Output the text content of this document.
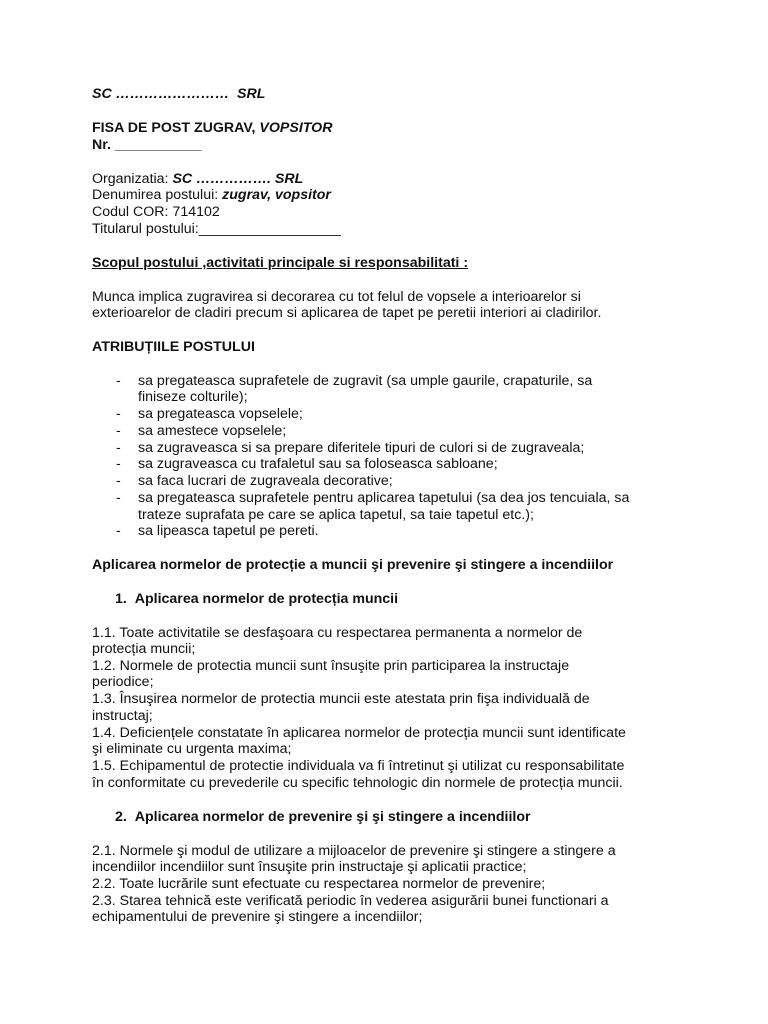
SC …………………… SRL
FISA DE POST ZUGRAV, VOPSITOR
Nr. ___________
Organizatia: SC ……………. SRL
Denumirea postului: zugrav, vopsitor
Codul COR: 714102
Titularul postului:__________________
Scopul postului ,activitati principale si responsabilitati :
Munca implica zugravirea si decorarea cu tot felul de vopsele a interioarelor si
exterioarelor de cladiri precum si aplicarea de tapet pe peretii interiori ai cladirilor.
ATRIBUȚIILE POSTULUI
- sa pregateasca suprafetele de zugravit (sa umple gaurile, crapaturile, sa
finiseze colturile);
- sa pregateasca vopselele;
- sa amestece vopselele;
- sa zugraveasca si sa prepare diferitele tipuri de culori si de zugraveala;
- sa zugraveasca cu trafaletul sau sa foloseasca sabloane;
- sa faca lucrari de zugraveala decorative;
- sa pregateasca suprafetele pentru aplicarea tapetului (sa dea jos tencuiala, sa
trateze suprafata pe care se aplica tapetul, sa taie tapetul etc.);
- sa lipeasca tapetul pe pereti.
Aplicarea normelor de protecție a muncii şi prevenire şi stingere a incendiilor
1. Aplicarea normelor de protecția muncii
1.1. Toate activitatile se desfaşoara cu respectarea permanenta a normelor de
protecția muncii;
1.2. Normele de protectia muncii sunt însuşite prin participarea la instructaje
periodice;
1.3. Însuşirea normelor de protectia muncii este atestata prin fişa individuală de
instructaj;
1.4. Deficiențele constatate în aplicarea normelor de protecția muncii sunt identificate
şi eliminate cu urgenta maxima;
1.5. Echipamentul de protectie individuala va fi întretinut şi utilizat cu responsabilitate
în conformitate cu prevederile cu specific tehnologic din normele de protecția muncii.
2. Aplicarea normelor de prevenire şi şi stingere a incendiilor
2.1. Normele şi modul de utilizare a mijloacelor de prevenire şi stingere a stingere a
incendiilor incendiilor sunt însuşite prin instructaje şi aplicatii practice;
2.2. Toate lucrările sunt efectuate cu respectarea normelor de prevenire;
2.3. Starea tehnică este verificată periodic în vederea asigurării bunei functionari a
echipamentului de prevenire şi stingere a incendiilor;
